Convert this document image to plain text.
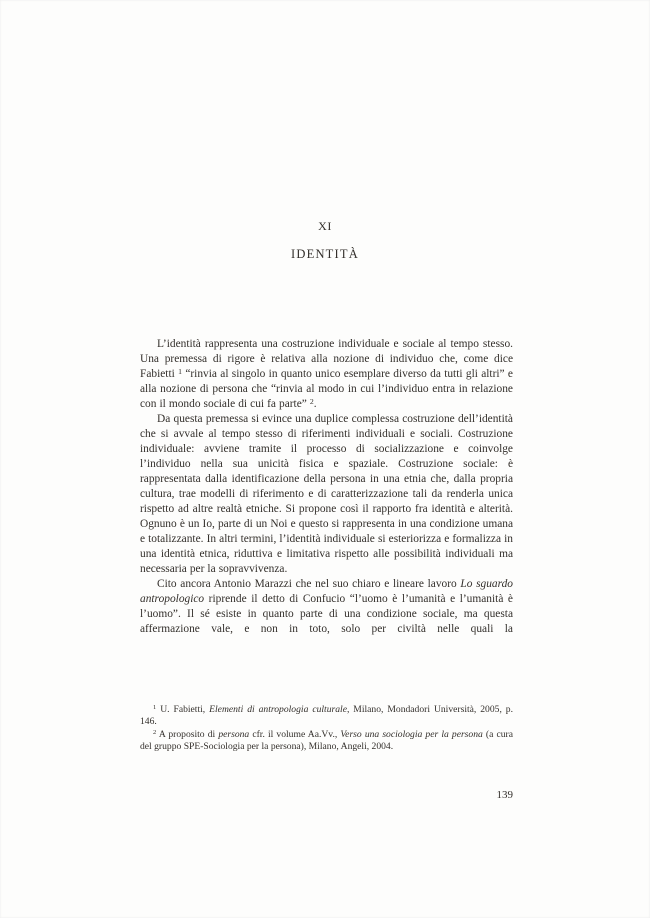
XI
IDENTITÀ

L’identità rappresenta una costruzione individuale e sociale al tempo stesso. Una premessa di rigore è relativa alla nozione di individuo che, come dice Fabietti $^1$ “rinvia al singolo in quanto unico esemplare diverso da tutti gli altri” e alla nozione di persona che “rinvia al modo in cui l’individuo entra in relazione con il mondo sociale di cui fa parte” $^2$.

Da questa premessa si evince una duplice complessa costruzione dell’identità che si avvale al tempo stesso di riferimenti individuali e sociali. Costruzione individuale: avviene tramite il processo di socializzazione e coinvolge l’individuo nella sua unicità fisica e spaziale. Costruzione sociale: è rappresentata dalla identificazione della persona in una etnia che, dalla propria cultura, trae modelli di riferimento e di caratterizzazione tali da renderla unica rispetto ad altre realtà etniche. Si propone così il rapporto fra identità e alterità. Ognuno è un Io, parte di un Noi e questo si rappresenta in una condizione umana e totalizzante. In altri termini, l’identità individuale si esteriorizza e formalizza in una identità etnica, riduttiva e limitativa rispetto alle possibilità individuali ma necessaria per la sopravvivenza.

Cito ancora Antonio Marazzi che nel suo chiaro e lineare lavoro Lo sguardo antropologico riprende il detto di Confucio “l’uomo è l’umanità e l’umanità è l’uomo”. Il sé esiste in quanto parte di una condizione sociale, ma questa affermazione vale, e non in toto, solo per civiltà nelle quali la

$^1$ U. Fabietti, Elementi di antropologia culturale, Milano, Mondadori Università, 2005, p. 146.

$^2$ A proposito di persona cfr. il volume Aa.Vv., Verso una sociologia per la persona (a cura del gruppo SPE-Sociologia per la persona), Milano, Angeli, 2004.

139
